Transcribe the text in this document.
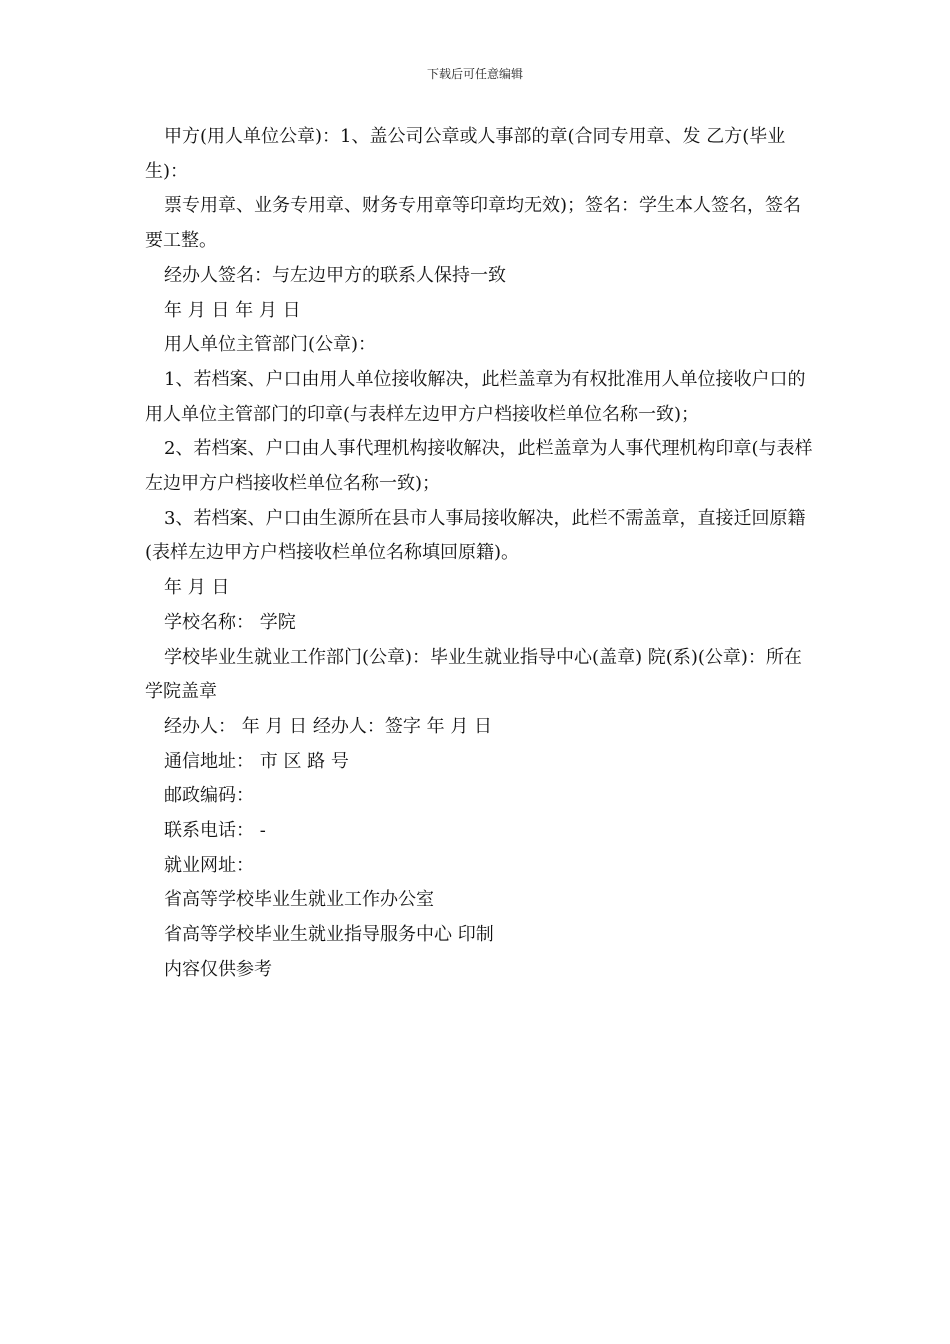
下载后可任意编辑

甲方(用人单位公章)：1、盖公司公章或人事部的章(合同专用章、发 乙方(毕业生)：

票专用章、业务专用章、财务专用章等印章均无效)；签名：学生本人签名，签名要工整。

经办人签名：与左边甲方的联系人保持一致

年 月 日 年 月 日

用人单位主管部门(公章)：

1、若档案、户口由用人单位接收解决，此栏盖章为有权批准用人单位接收户口的用人单位主管部门的印章(与表样左边甲方户档接收栏单位名称一致)；

2、若档案、户口由人事代理机构接收解决，此栏盖章为人事代理机构印章(与表样左边甲方户档接收栏单位名称一致)；

3、若档案、户口由生源所在县市人事局接收解决，此栏不需盖章，直接迁回原籍(表样左边甲方户档接收栏单位名称填回原籍)。

年 月 日

学校名称： 学院

学校毕业生就业工作部门(公章)：毕业生就业指导中心(盖章) 院(系)(公章)：所在学院盖章

经办人： 年 月 日 经办人：签字 年 月 日

通信地址： 市 区 路 号

邮政编码：

联系电话： -

就业网址：

省高等学校毕业生就业工作办公室

省高等学校毕业生就业指导服务中心 印制

内容仅供参考
